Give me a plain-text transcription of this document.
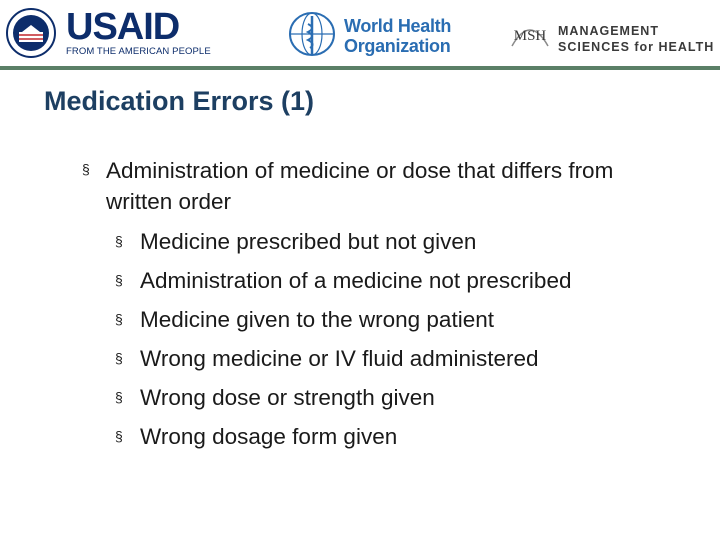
USAID
FROM THE AMERICAN PEOPLE
World Health
Organization	MSH MANAGEMENT
SCIENCES for HEALTH
Medication Errors (1)
§ Administration of medicine or dose that differs from
written order
§ Medicine prescribed but not given
§ Administration of a medicine not prescribed
§ Medicine given to the wrong patient
§ Wrong medicine or IV fluid administered
§ Wrong dose or strength given
§ Wrong dosage form given
